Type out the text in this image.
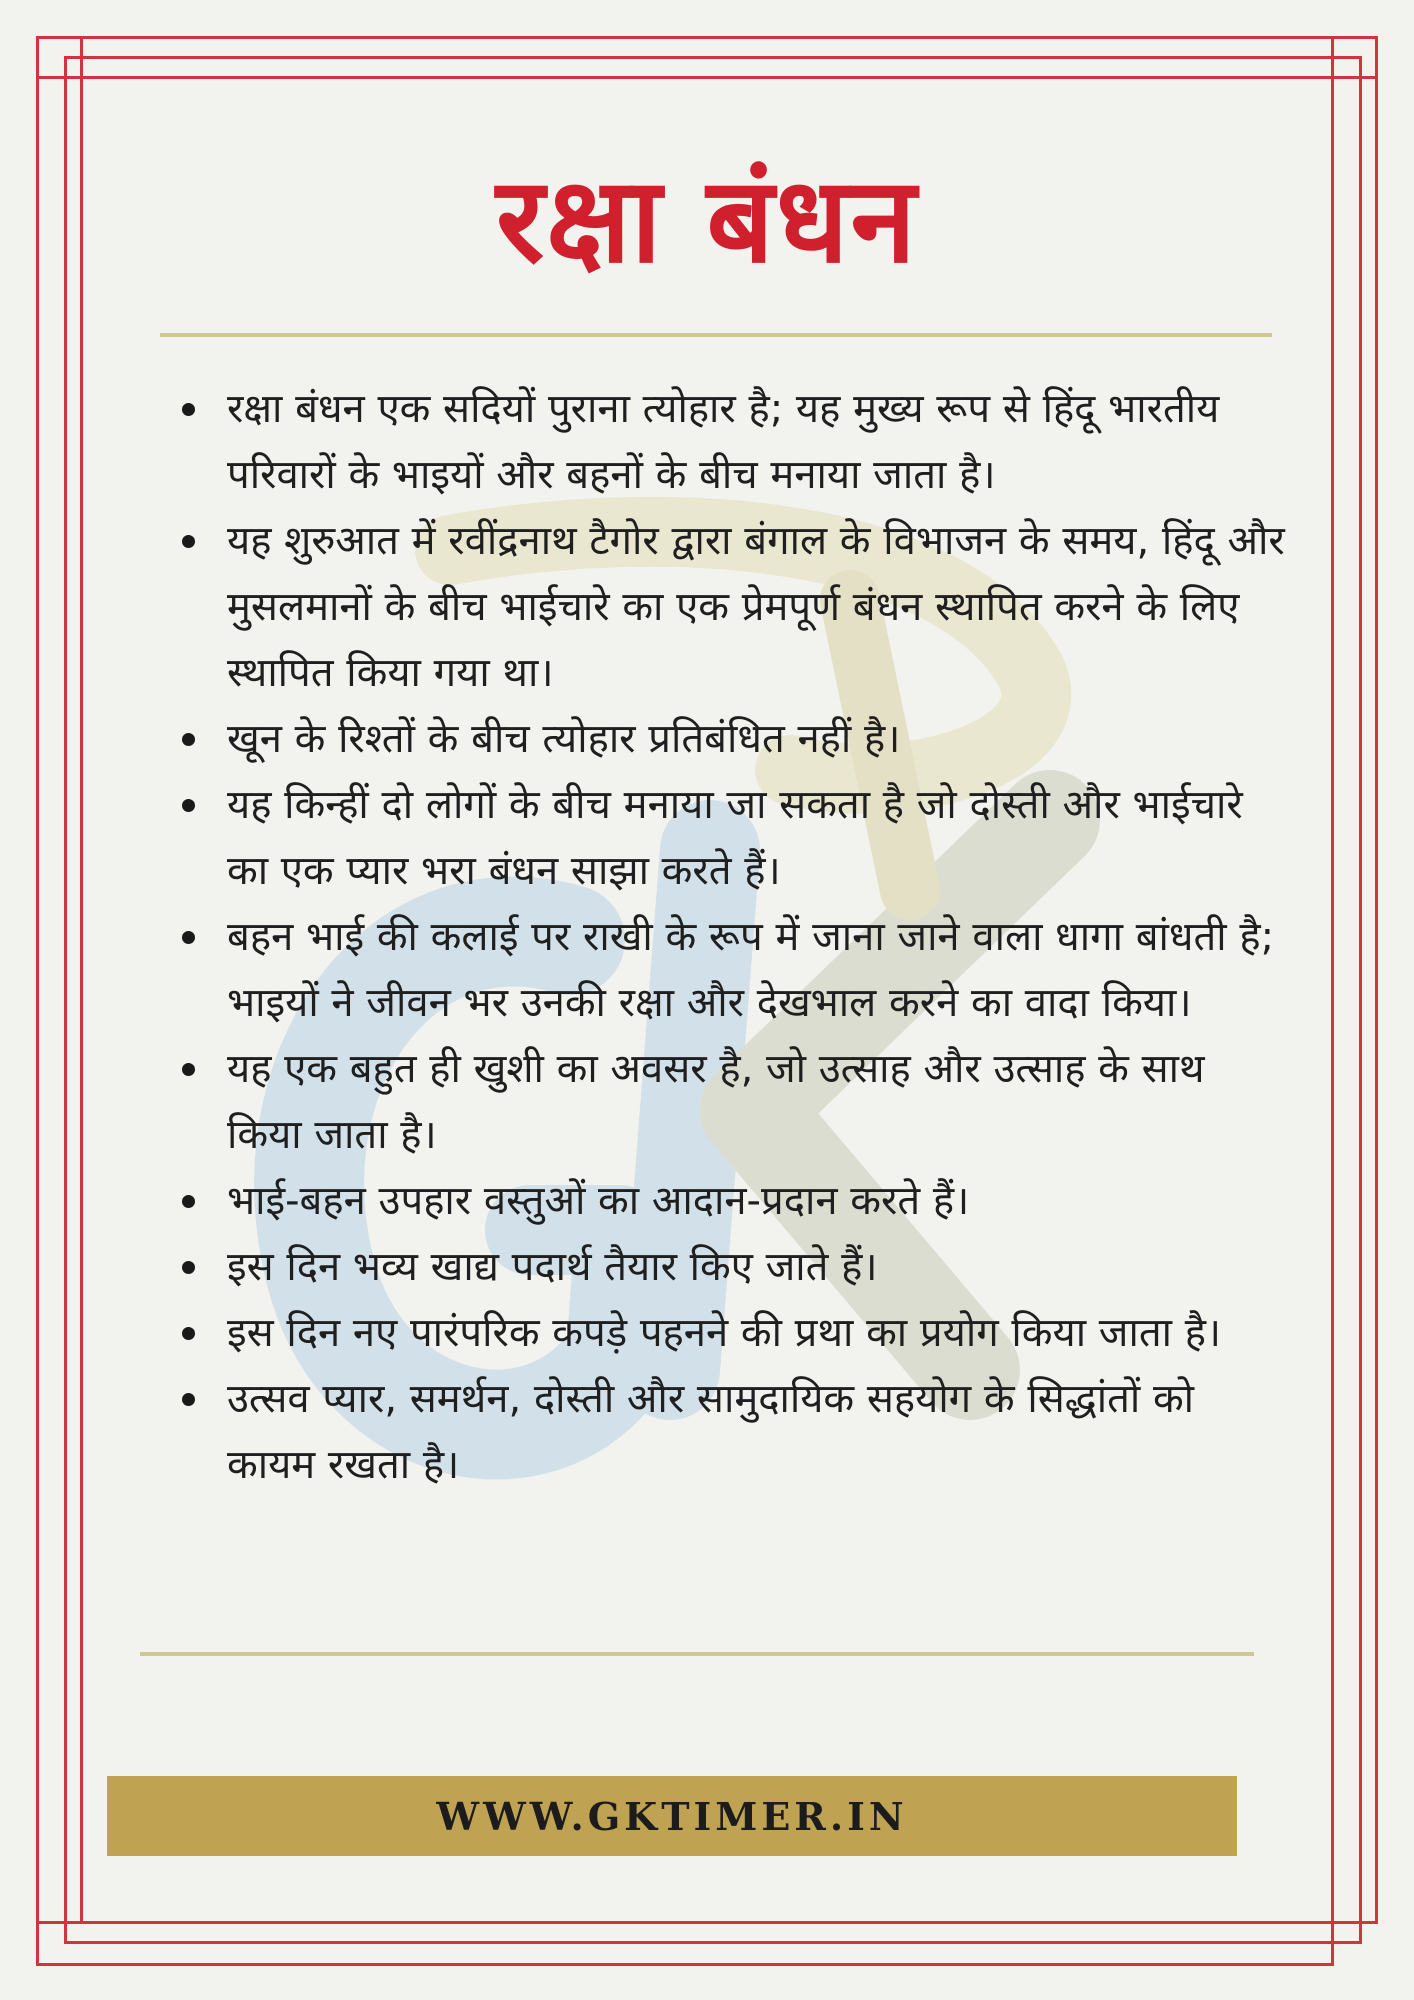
रक्षा बंधन
रक्षा बंधन एक सदियों पुराना त्योहार है; यह मुख्य रूप से हिंदू भारतीय परिवारों के भाइयों और बहनों के बीच मनाया जाता है।
यह शुरुआत में रवींद्रनाथ टैगोर द्वारा बंगाल के विभाजन के समय, हिंदू और मुसलमानों के बीच भाईचारे का एक प्रेमपूर्ण बंधन स्थापित करने के लिए स्थापित किया गया था।
खून के रिश्तों के बीच त्योहार प्रतिबंधित नहीं है।
यह किन्हीं दो लोगों के बीच मनाया जा सकता है जो दोस्ती और भाईचारे का एक प्यार भरा बंधन साझा करते हैं।
बहन भाई की कलाई पर राखी के रूप में जाना जाने वाला धागा बांधती है; भाइयों ने जीवन भर उनकी रक्षा और देखभाल करने का वादा किया।
यह एक बहुत ही खुशी का अवसर है, जो उत्साह और उत्साह के साथ किया जाता है।
भाई-बहन उपहार वस्तुओं का आदान-प्रदान करते हैं।
इस दिन भव्य खाद्य पदार्थ तैयार किए जाते हैं।
इस दिन नए पारंपरिक कपड़े पहनने की प्रथा का प्रयोग किया जाता है।
उत्सव प्यार, समर्थन, दोस्ती और सामुदायिक सहयोग के सिद्धांतों को कायम रखता है।
WWW.GKTIMER.IN
